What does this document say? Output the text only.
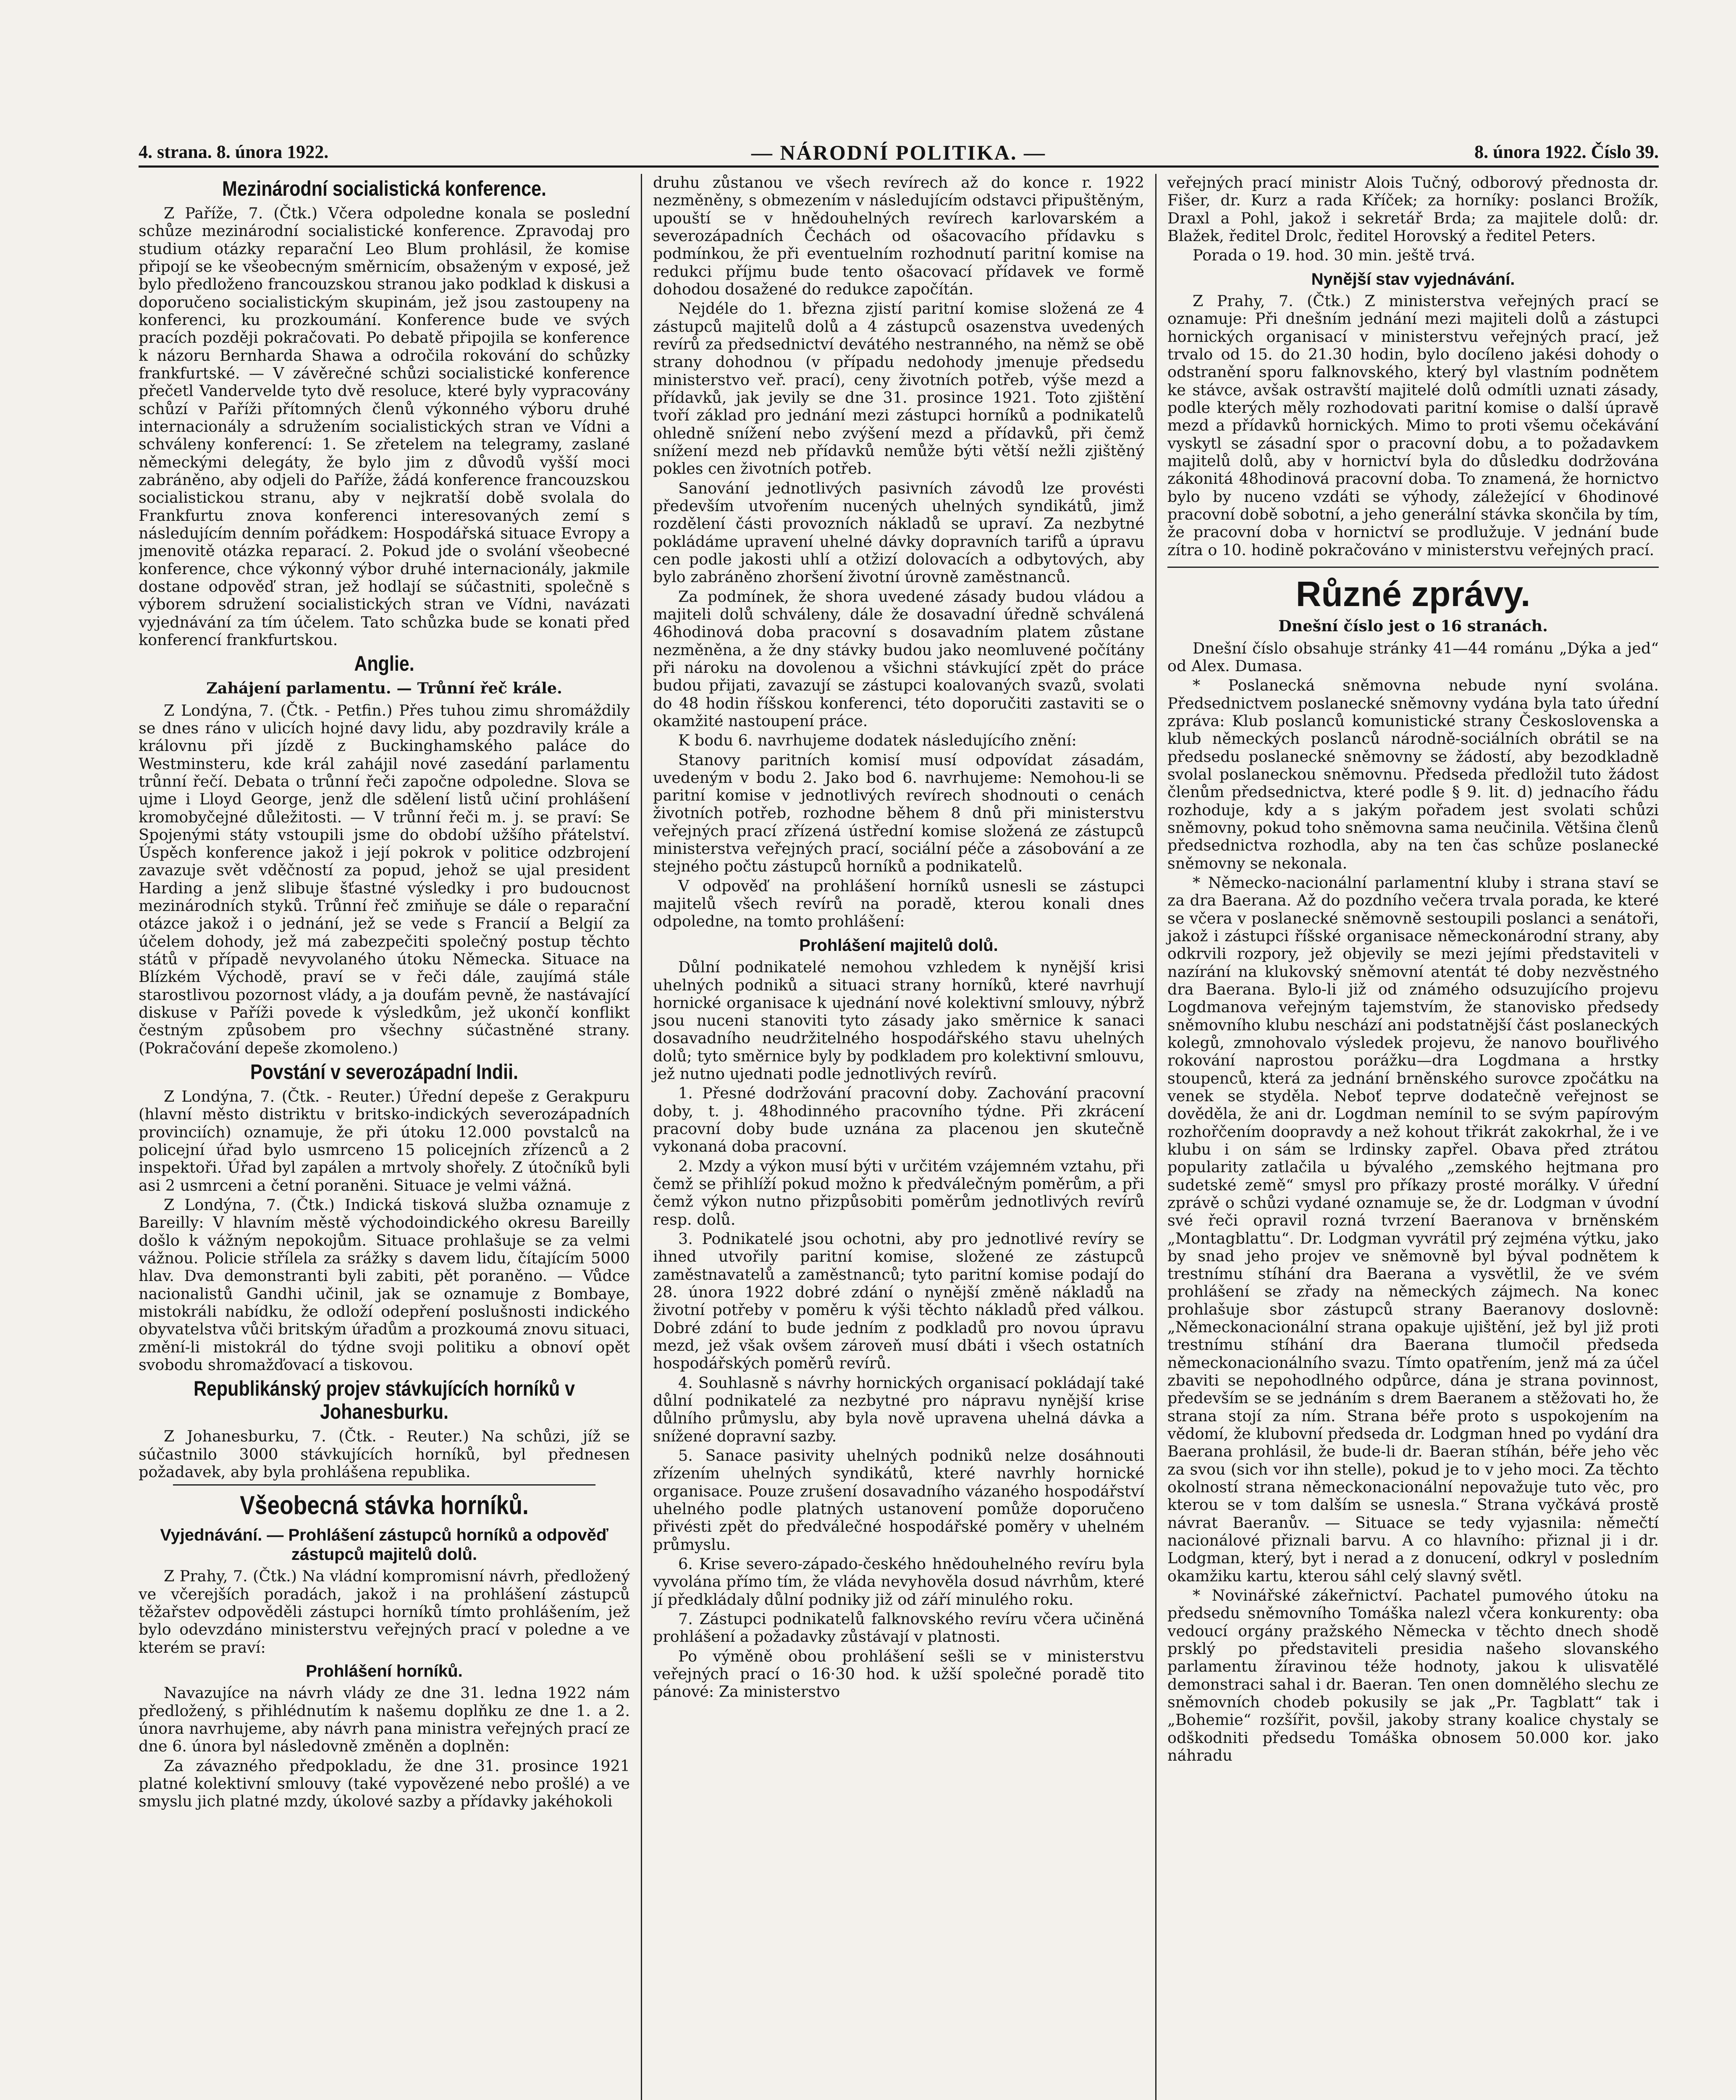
4. strana. 8. února 1922.	— NÁRODNÍ POLITIKA. —	8. února 1922. Číslo 39.
Mezinárodní socialistická konference.

Z Paříže, 7. (Čtk.) Včera odpoledne konala se poslední schůze mezinárodní socialistické konference. Zpravodaj pro studium otázky reparační Leo Blum prohlásil, že komise připojí se ke všeobecným směrnicím, obsaženým v exposé, jež bylo předloženo francouzskou stranou jako podklad k diskusi a doporučeno socialistickým skupinám, jež jsou zastoupeny na konferenci, ku prozkoumání. Konference bude ve svých pracích později pokračovati. Po debatě připojila se konference k názoru Bernharda Shawa a odročila rokování do schůzky frankfurtské. — V závěrečné schůzi socialistické konference přečetl Vandervelde tyto dvě resoluce, které byly vypracovány schůzí v Paříži přítomných členů výkonného výboru druhé internacionály a sdružením socialistických stran ve Vídni a schváleny konferencí: 1. Se zřetelem na telegramy, zaslané německými delegáty, že bylo jim z důvodů vyšší moci zabráněno, aby odjeli do Paříže, žádá konference francouzskou socialistickou stranu, aby v nejkratší době svolala do Frankfurtu znova konferenci interesovaných zemí s následujícím denním pořádkem: Hospodářská situace Evropy a jmenovitě otázka reparací. 2. Pokud jde o svolání všeobecné konference, chce výkonný výbor druhé internacionály, jakmile dostane odpověď stran, jež hodlají se súčastniti, společně s výborem sdružení socialistických stran ve Vídni, navázati vyjednávání za tím účelem. Tato schůzka bude se konati před konferencí frankfurtskou.

Anglie.
Zahájení parlamentu. — Trůnní řeč krále.

Z Londýna, 7. (Čtk. - Petfin.) Přes tuhou zimu shromáždily se dnes ráno v ulicích hojné davy lidu, aby pozdravily krále a královnu při jízdě z Buckinghamského paláce do Westminsteru, kde král zahájil nové zasedání parlamentu trůnní řečí. Debata o trůnní řeči započne odpoledne. Slova se ujme i Lloyd George, jenž dle sdělení listů učiní prohlášení kromobyčejné důležitosti. — V trůnní řeči m. j. se praví: Se Spojenými státy vstoupili jsme do období užšího přátelství. Úspěch konference jakož i její pokrok v politice odzbrojení zavazuje svět vděčností za popud, jehož se ujal president Harding a jenž slibuje šťastné výsledky i pro budoucnost mezinárodních styků. Trůnní řeč zmiňuje se dále o reparační otázce jakož i o jednání, jež se vede s Francií a Belgií za účelem dohody, jež má zabezpečiti společný postup těchto států v případě nevyvolaného útoku Německa. Situace na Blízkém Východě, praví se v řeči dále, zaujímá stále starostlivou pozornost vlády, a ja doufám pevně, že nastávající diskuse v Paříži povede k výsledkům, jež ukončí konflikt čestným způsobem pro všechny súčastněné strany. (Pokračování depeše zkomoleno.)

Povstání v severozápadní Indii.

Z Londýna, 7. (Čtk. - Reuter.) Úřední depeše z Gerakpuru (hlavní město distriktu v britsko-indických severozápadních provinciích) oznamuje, že při útoku 12.000 povstalců na policejní úřad bylo usmrceno 15 policejních zřízenců a 2 inspektoři. Úřad byl zapálen a mrtvoly shořely. Z útočníků byli asi 2 usmrceni a četní poraněni. Situace je velmi vážná.

Z Londýna, 7. (Čtk.) Indická tisková služba oznamuje z Bareilly: V hlavním městě východoindického okresu Bareilly došlo k vážným nepokojům. Situace prohlašuje se za velmi vážnou. Policie střílela za srážky s davem lidu, čítajícím 5000 hlav. Dva demonstranti byli zabiti, pět poraněno. — Vůdce nacionalistů Gandhi učinil, jak se oznamuje z Bombaye, mistokráli nabídku, že odloží odepření poslušnosti indického obyvatelstva vůči britským úřadům a prozkoumá znovu situaci, změní-li mistokrál do týdne svoji politiku a obnoví opět svobodu shromažďovací a tiskovou.

Republikánský projev stávkujících horníků v Johanesburku.

Z Johanesburku, 7. (Čtk. - Reuter.) Na schůzi, jíž se súčastnilo 3000 stávkujících horníků, byl přednesen požadavek, aby byla prohlášena republika.

Všeobecná stávka horníků.
Vyjednávání. — Prohlášení zástupců horníků a odpověď zástupců majitelů dolů.

Z Prahy, 7. (Čtk.) Na vládní kompromisní návrh, předložený ve včerejších poradách, jakož i na prohlášení zástupců těžařstev odpověděli zástupci horníků tímto prohlášením, jež bylo odevzdáno ministerstvu veřejných prací v poledne a ve kterém se praví:

Prohlášení horníků.

Navazujíce na návrh vlády ze dne 31. ledna 1922 nám předložený, s přihlédnutím k našemu doplňku ze dne 1. a 2. února navrhujeme, aby návrh pana ministra veřejných prací ze dne 6. února byl následovně změněn a doplněn:

Za závazného předpokladu, že dne 31. prosince 1921 platné kolektivní smlouvy (také vypovězené nebo prošlé) a ve smyslu jich platné mzdy, úkolové sazby a přídavky jakéhokoli

druhu zůstanou ve všech revírech až do konce r. 1922 nezměněny, s obmezením v následujícím odstavci připuštěným, upouští se v hnědouhelných revírech karlovarském a severozápadních Čechách od ošacovacího přídavku s podmínkou, že při eventuelním rozhodnutí paritní komise na redukci příjmu bude tento ošacovací přídavek ve formě dohodou dosažené do redukce započítán.

Nejdéle do 1. března zjistí paritní komise složená ze 4 zástupců majitelů dolů a 4 zástupců osazenstva uvedených revírů za předsednictví devátého nestranného, na němž se obě strany dohodnou (v případu nedohody jmenuje předsedu ministerstvo veř. prací), ceny životních potřeb, výše mezd a přídavků, jak jevily se dne 31. prosince 1921. Toto zjištění tvoří základ pro jednání mezi zástupci horníků a podnikatelů ohledně snížení nebo zvýšení mezd a přídavků, při čemž snížení mezd neb přídavků nemůže býti větší nežli zjištěný pokles cen životních potřeb.

Sanování jednotlivých pasivních závodů lze provésti především utvořením nucených uhelných syndikátů, jimž rozdělení části provozních nákladů se upraví. Za nezbytné pokládáme upravení uhelné dávky dopravních tarifů a úpravu cen podle jakosti uhlí a otžizí dolovacích a odbytových, aby bylo zabráněno zhoršení životní úrovně zaměstnanců.

Za podmínek, že shora uvedené zásady budou vládou a majiteli dolů schváleny, dále že dosavadní úředně schválená 46hodinová doba pracovní s dosavadním platem zůstane nezměněna, a že dny stávky budou jako neomluvené počítány při nároku na dovolenou a všichni stávkující zpět do práce budou přijati, zavazují se zástupci koalovaných svazů, svolati do 48 hodin říšskou konferenci, této doporučiti zastaviti se o okamžité nastoupení práce.

K bodu 6. navrhujeme dodatek následujícího znění:

Stanovy paritních komisí musí odpovídat zásadám, uvedeným v bodu 2. Jako bod 6. navrhujeme: Nemohou-li se paritní komise v jednotlivých revírech shodnouti o cenách životních potřeb, rozhodne během 8 dnů při ministerstvu veřejných prací zřízená ústřední komise složená ze zástupců ministerstva veřejných prací, sociální péče a zásobování a ze stejného počtu zástupců horníků a podnikatelů.

V odpověď na prohlášení horníků usnesli se zástupci majitelů všech revírů na poradě, kterou konali dnes odpoledne, na tomto prohlášení:

Prohlášení majitelů dolů.

Důlní podnikatelé nemohou vzhledem k nynější krisi uhelných podniků a situaci strany horníků, které navrhují hornické organisace k ujednání nové kolektivní smlouvy, nýbrž jsou nuceni stanoviti tyto zásady jako směrnice k sanaci dosavadního neudržitelného hospodářského stavu uhelných dolů; tyto směrnice byly by podkladem pro kolektivní smlouvu, jež nutno ujednati podle jednotlivých revírů.

1. Přesné dodržování pracovní doby. Zachování pracovní doby, t. j. 48hodinného pracovního týdne. Při zkrácení pracovní doby bude uznána za placenou jen skutečně vykonaná doba pracovní.

2. Mzdy a výkon musí býti v určitém vzájemném vztahu, při čemž se přihlíží pokud možno k předválečným poměrům, a při čemž výkon nutno přizpůsobiti poměrům jednotlivých revírů resp. dolů.

3. Podnikatelé jsou ochotni, aby pro jednotlivé revíry se ihned utvořily paritní komise, složené ze zástupců zaměstnavatelů a zaměstnanců; tyto paritní komise podají do 28. února 1922 dobré zdání o nynější změně nákladů na životní potřeby v poměru k výši těchto nákladů před válkou. Dobré zdání to bude jedním z podkladů pro novou úpravu mezd, jež však ovšem zároveň musí dbáti i všech ostatních hospodářských poměrů revírů.

4. Souhlasně s návrhy hornických organisací pokládají také důlní podnikatelé za nezbytné pro nápravu nynější krise důlního průmyslu, aby byla nově upravena uhelná dávka a snížené dopravní sazby.

5. Sanace pasivity uhelných podniků nelze dosáhnouti zřízením uhelných syndikátů, které navrhly hornické organisace. Pouze zrušení dosavadního vázaného hospodářství uhelného podle platných ustanovení pomůže doporučeno přivésti zpět do předválečné hospodářské poměry v uhelném průmyslu.

6. Krise severo-západo-českého hnědouhelného revíru byla vyvolána přímo tím, že vláda nevyhověla dosud návrhům, které jí předkládaly důlní podniky již od září minulého roku.

7. Zástupci podnikatelů falknovského revíru včera učiněná prohlášení a požadavky zůstávají v platnosti.

Po výměně obou prohlášení sešli se v ministerstvu veřejných prací o 16·30 hod. k užší společné poradě tito pánové: Za ministerstvo

veřejných prací ministr Alois Tučný, odborový přednosta dr. Fišer, dr. Kurz a rada Kříček; za horníky: poslanci Brožík, Draxl a Pohl, jakož i sekretář Brda; za majitele dolů: dr. Blažek, ředitel Drolc, ředitel Horovský a ředitel Peters.

Porada o 19. hod. 30 min. ještě trvá.

Nynější stav vyjednávání.

Z Prahy, 7. (Čtk.) Z ministerstva veřejných prací se oznamuje: Při dnešním jednání mezi majiteli dolů a zástupci hornických organisací v ministerstvu veřejných prací, jež trvalo od 15. do 21.30 hodin, bylo docíleno jakési dohody o odstranění sporu falknovského, který byl vlastním podnětem ke stávce, avšak ostravští majitelé dolů odmítli uznati zásady, podle kterých měly rozhodovati paritní komise o další úpravě mezd a přídavků hornických. Mimo to proti všemu očekávání vyskytl se zásadní spor o pracovní dobu, a to požadavkem majitelů dolů, aby v hornictví byla do důsledku dodržována zákonitá 48hodinová pracovní doba. To znamená, že hornictvo bylo by nuceno vzdáti se výhody, záležející v 6hodinové pracovní době sobotní, a jeho generální stávka skončila by tím, že pracovní doba v hornictví se prodlužuje. V jednání bude zítra o 10. hodině pokračováno v ministerstvu veřejných prací.

Různé zprávy.
Dnešní číslo jest o 16 stranách.

Dnešní číslo obsahuje stránky 41—44 románu „Dýka a jed“ od Alex. Dumasa.

* Poslanecká sněmovna nebude nyní svolána. Předsednictvem poslanecké sněmovny vydána byla tato úřední zpráva: Klub poslanců komunistické strany Československa a klub německých poslanců národně-sociálních obrátil se na předsedu poslanecké sněmovny se žádostí, aby bezodkladně svolal poslaneckou sněmovnu. Předseda předložil tuto žádost členům předsednictva, které podle § 9. lit. d) jednacího řádu rozhoduje, kdy a s jakým pořadem jest svolati schůzi sněmovny, pokud toho sněmovna sama neučinila. Většina členů předsednictva rozhodla, aby na ten čas schůze poslanecké sněmovny se nekonala.

* Německo-nacionální parlamentní kluby i strana staví se za dra Baerana. Až do pozdního večera trvala porada, ke které se včera v poslanecké sněmovně sestoupili poslanci a senátoři, jakož i zástupci říšské organisace německonárodní strany, aby odkrvili rozpory, jež objevily se mezi jejími představiteli v nazírání na klukovský sněmovní atentát té doby nezvěstného dra Baerana. Bylo-li již od známého odsuzujícího projevu Logdmanova veřejným tajemstvím, že stanovisko předsedy sněmovního klubu neschází ani podstatnější část poslaneckých kolegů, zmnohovalo výsledek projevu, že nanovo bouřlivého rokování naprostou porážku—dra Logdmana a hrstky stoupenců, která za jednání brněnského surovce zpočátku na venek se styděla. Neboť teprve dodatečně veřejnost se dověděla, že ani dr. Logdman nemínil to se svým papírovým rozhořčením doopravdy a než kohout třikrát zakokrhal, že i ve klubu i on sám se lrdinsky zapřel. Obava před ztrátou popularity zatlačila u bývalého „zemského hejtmana pro sudetské země“ smysl pro příkazy prosté morálky. V úřední zprávě o schůzi vydané oznamuje se, že dr. Lodgman v úvodní své řeči opravil rozná tvrzení Baeranova v brněnském „Montagblattu“. Dr. Lodgman vyvrátil prý zejména výtku, jako by snad jeho projev ve sněmovně byl býval podnětem k trestnímu stíhání dra Baerana a vysvětlil, že ve svém prohlášení se zřady na německých zájmech. Na konec prohlašuje sbor zástupců strany Baeranovy doslovně: „Německonacionální strana opakuje ujištění, jež byl již proti trestnímu stíhání dra Baerana tlumočil předseda německonacionálního svazu. Tímto opatřením, jenž má za účel zbaviti se nepohodlného odpůrce, dána je strana povinnost, především se se jednáním s drem Baeranem a stěžovati ho, že strana stojí za ním. Strana béře proto s uspokojením na vědomí, že klubovní předseda dr. Lodgman hned po vydání dra Baerana prohlásil, že bude-li dr. Baeran stíhán, béře jeho věc za svou (sich vor ihn stelle), pokud je to v jeho moci. Za těchto okolností strana německonacionální nepovažuje tuto věc, pro kterou se v tom dalším se usnesla.“ Strana vyčkává prostě návrat Baeranův. — Situace se tedy vyjasnila: němečtí nacionálové přiznali barvu. A co hlavního: přiznal ji i dr. Lodgman, který, byt i nerad a z donucení, odkryl v posledním okamžiku kartu, kterou sáhl celý slavný světl.

* Novinářské zákeřnictví. Pachatel pumového útoku na předsedu sněmovního Tomáška nalezl včera konkurenty: oba vedoucí orgány pražského Německa v těchto dnech shodě prsklý po představiteli presidia našeho slovanského parlamentu žíravinou téže hodnoty, jakou k ulisvatělé demonstraci sahal i dr. Baeran. Ten onen domnělého slechu ze sněmovních chodeb pokusily se jak „Pr. Tagblatt“ tak i „Bohemie“ rozšířit, povšil, jakoby strany koalice chystaly se odškodniti předsedu Tomáška obnosem 50.000 kor. jako náhradu
